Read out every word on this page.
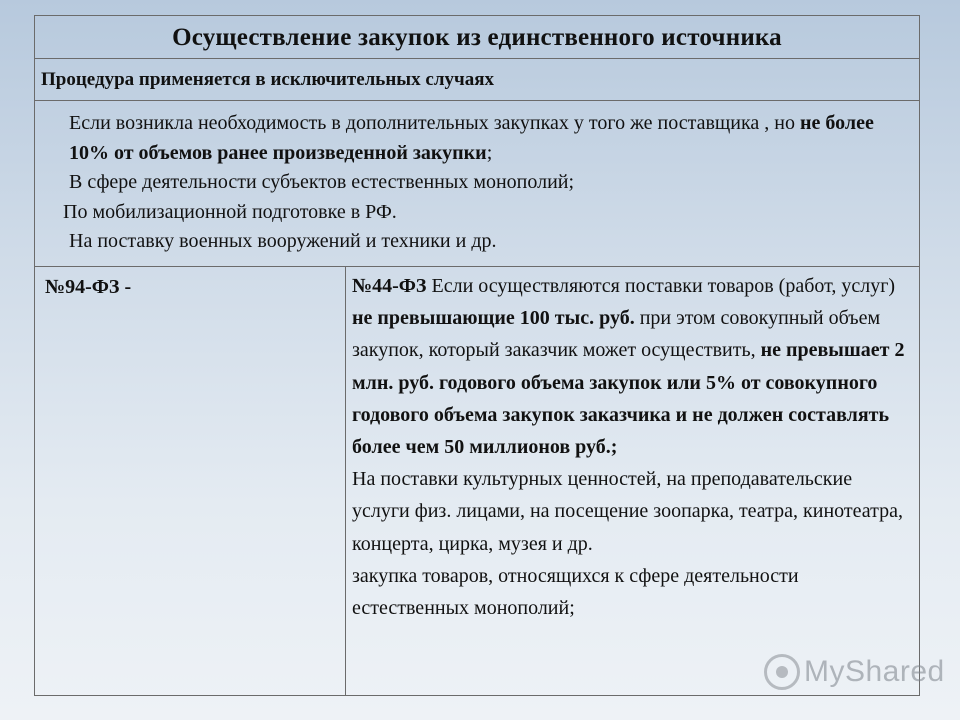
Осуществление закупок из единственного источника
Процедура применяется в исключительных случаях
Если возникла необходимость в дополнительных закупках у того же поставщика , но не более 10% от объемов ранее произведенной закупки;
В сфере деятельности субъектов естественных монополий;
По мобилизационной подготовке в РФ.
На поставку военных вооружений и техники и др.
№94-ФЗ -	№44-ФЗ Если осуществляются поставки товаров (работ, услуг) не превышающие 100 тыс. руб. при этом совокупный объем закупок, который заказчик может осуществить, не превышает 2 млн. руб. годового объема закупок или 5% от совокупного годового объема закупок заказчика и не должен составлять более чем 50 миллионов руб.;

На поставки культурных ценностей, на преподавательские услуги физ. лицами, на посещение зоопарка, театра, кинотеатра, концерта, цирка, музея и др.

закупка товаров, относящихся к сфере деятельности естественных монополий;

MyShared
